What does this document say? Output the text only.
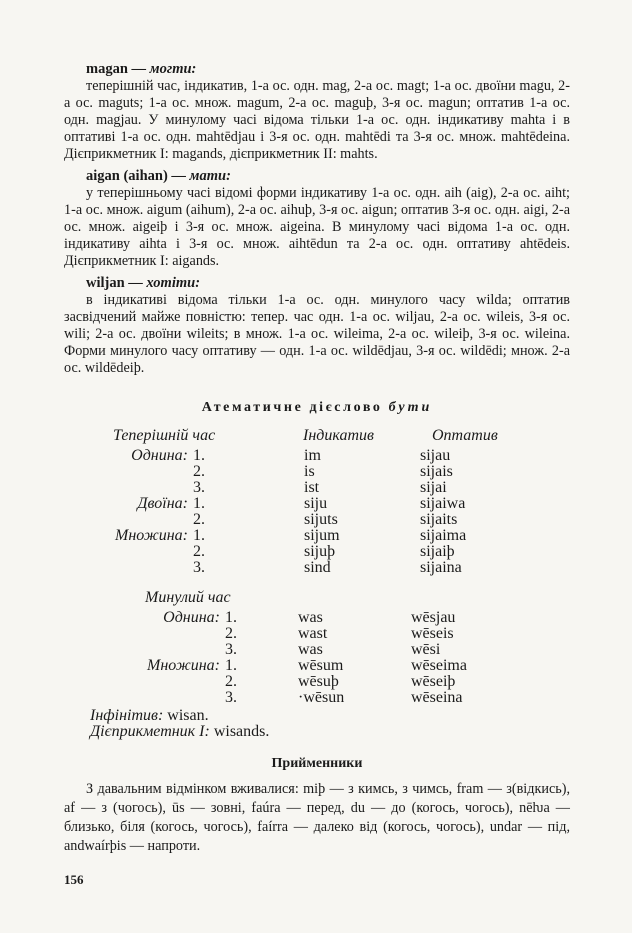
magan — могти:
теперішній час, індикатив, 1-а ос. одн. mag, 2-а ос. magt; 1-а ос. двоїни magu, 2-а ос. maguts; 1-а ос. множ. magum, 2-а ос. maguþ, 3-я ос. magun; оптатив 1-а ос. одн. magjau. У минулому часі відома тільки 1-а ос. одн. індикативу mahta і в оптативі 1-а ос. одн. mahtēdjau і 3-я ос. одн. mahtēdi та 3-я ос. множ. mahtēdeina. Дієприкметник I: magands, дієприкметник II: mahts.
aigan (aihan) — мати:
у теперішньому часі відомі форми індикативу 1-а ос. одн. aih (aig), 2-а ос. aiht; 1-а ос. множ. aigum (aihum), 2-а ос. aihuþ, 3-я ос. aigun; оптатив 3-я ос. одн. aigi, 2-а ос. множ. aigeiþ і 3-я ос. множ. aigeina. В минулому часі відома 1-а ос. одн. індикативу aihta і 3-я ос. множ. aihtēdun та 2-а ос. одн. оптативу ahtēdeis. Дієприкметник I: aigands.
wiljan — хотіти:
в індикативі відома тільки 1-а ос. одн. минулого часу wilda; оптатив засвідчений майже повністю: тепер. час одн. 1-а ос. wiljau, 2-а ос. wileis, 3-я ос. wili; 2-а ос. двоїни wileits; в множ. 1-а ос. wileima, 2-а ос. wileiþ, 3-я ос. wileina. Форми минулого часу оптативу — одн. 1-а ос. wildēdjau, 3-я ос. wildēdi; множ. 2-а ос. wildēdeiþ.
Атематичне дієслово бути
Теперішній час	Індикатив	Оптатив
Однина: 1.	im	sijau
2.	is	sijais
3.	ist	sijai
Двоїна: 1.	siju	sijaiwa
2.	sijuts	sijaits
Множина: 1.	sijum	sijaima
2.	sijuþ	sijaiþ
3.	sind	sijaina
Минулий час
Однина: 1.	was	wēsjau
2.	wast	wēseis
3.	was	wēsi
Множина: 1.	wēsum	wēseima
2.	wēsuþ	wēseiþ
3.	·wēsun	wēseina
Інфінітив: wisan.
Дієприкметник I: wisands.
Прийменники
З давальним відмінком вживалися: miþ — з кимсь, з чимсь, fram — з(відкись), af — з (чогось), ūs — зовні, faúra — перед, du — до (когось, чогось), nēƕa — близько, біля (когось, чогось), faírra — далеко від (когось, чогось), undar — під, andwaírþis — напроти.
156
